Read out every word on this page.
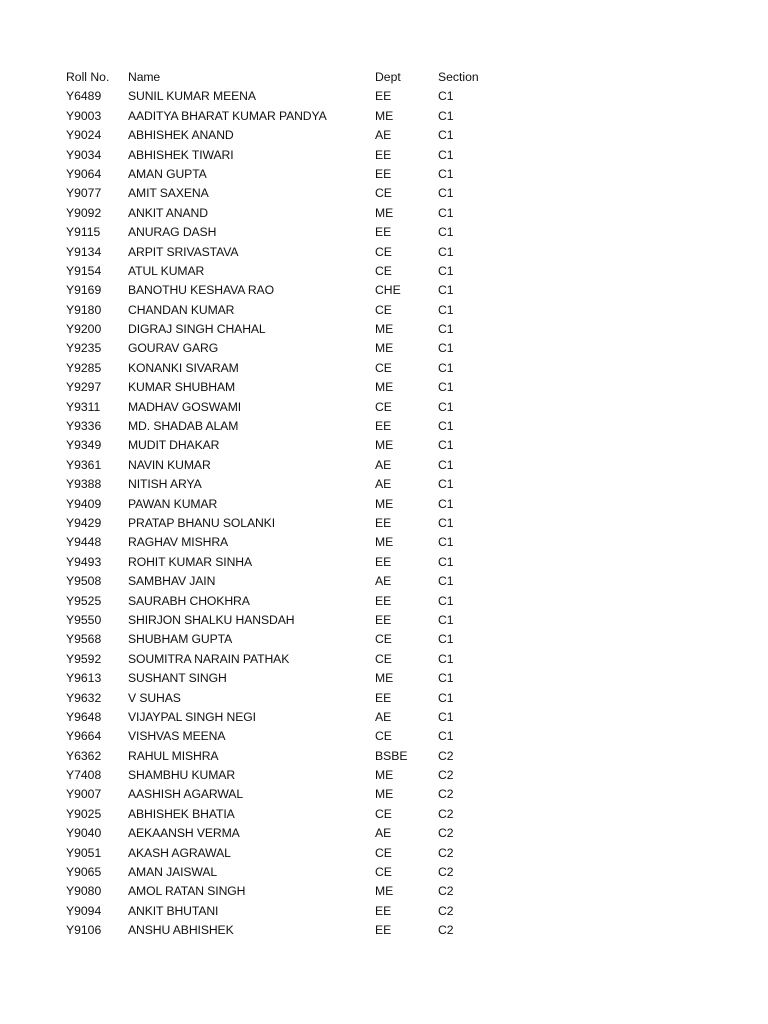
Roll No. Name	Dept	Section
Y6489 SUNIL KUMAR MEENA	EE	C1
Y9003 AADITYA BHARAT KUMAR PANDYA	ME	C1
Y9024 ABHISHEK ANAND	AE	C1
Y9034 ABHISHEK TIWARI	EE	C1
Y9064 AMAN GUPTA	EE	C1
Y9077 AMIT SAXENA	CE	C1
Y9092 ANKIT ANAND	ME	C1
Y9115 ANURAG DASH	EE	C1
Y9134 ARPIT SRIVASTAVA	CE	C1
Y9154 ATUL KUMAR	CE	C1
Y9169 BANOTHU KESHAVA RAO	CHE	C1
Y9180 CHANDAN KUMAR	CE	C1
Y9200 DIGRAJ SINGH CHAHAL	ME	C1
Y9235 GOURAV GARG	ME	C1
Y9285 KONANKI SIVARAM	CE	C1
Y9297 KUMAR SHUBHAM	ME	C1
Y9311 MADHAV GOSWAMI	CE	C1
Y9336 MD. SHADAB ALAM	EE	C1
Y9349 MUDIT DHAKAR	ME	C1
Y9361 NAVIN KUMAR	AE	C1
Y9388 NITISH ARYA	AE	C1
Y9409 PAWAN KUMAR	ME	C1
Y9429 PRATAP BHANU SOLANKI	EE	C1
Y9448 RAGHAV MISHRA	ME	C1
Y9493 ROHIT KUMAR SINHA	EE	C1
Y9508 SAMBHAV JAIN	AE	C1
Y9525 SAURABH CHOKHRA	EE	C1
Y9550 SHIRJON SHALKU HANSDAH	EE	C1
Y9568 SHUBHAM GUPTA	CE	C1
Y9592 SOUMITRA NARAIN PATHAK	CE	C1
Y9613 SUSHANT SINGH	ME	C1
Y9632 V SUHAS	EE	C1
Y9648 VIJAYPAL SINGH NEGI	AE	C1
Y9664 VISHVAS MEENA	CE	C1
Y6362 RAHUL MISHRA	BSBE C2
Y7408 SHAMBHU KUMAR	ME	C2
Y9007 AASHISH AGARWAL	ME	C2
Y9025 ABHISHEK BHATIA	CE	C2
Y9040 AEKAANSH VERMA	AE	C2
Y9051 AKASH AGRAWAL	CE	C2
Y9065 AMAN JAISWAL	CE	C2
Y9080 AMOL RATAN SINGH	ME	C2
Y9094 ANKIT BHUTANI	EE	C2
Y9106 ANSHU ABHISHEK	EE	C2
